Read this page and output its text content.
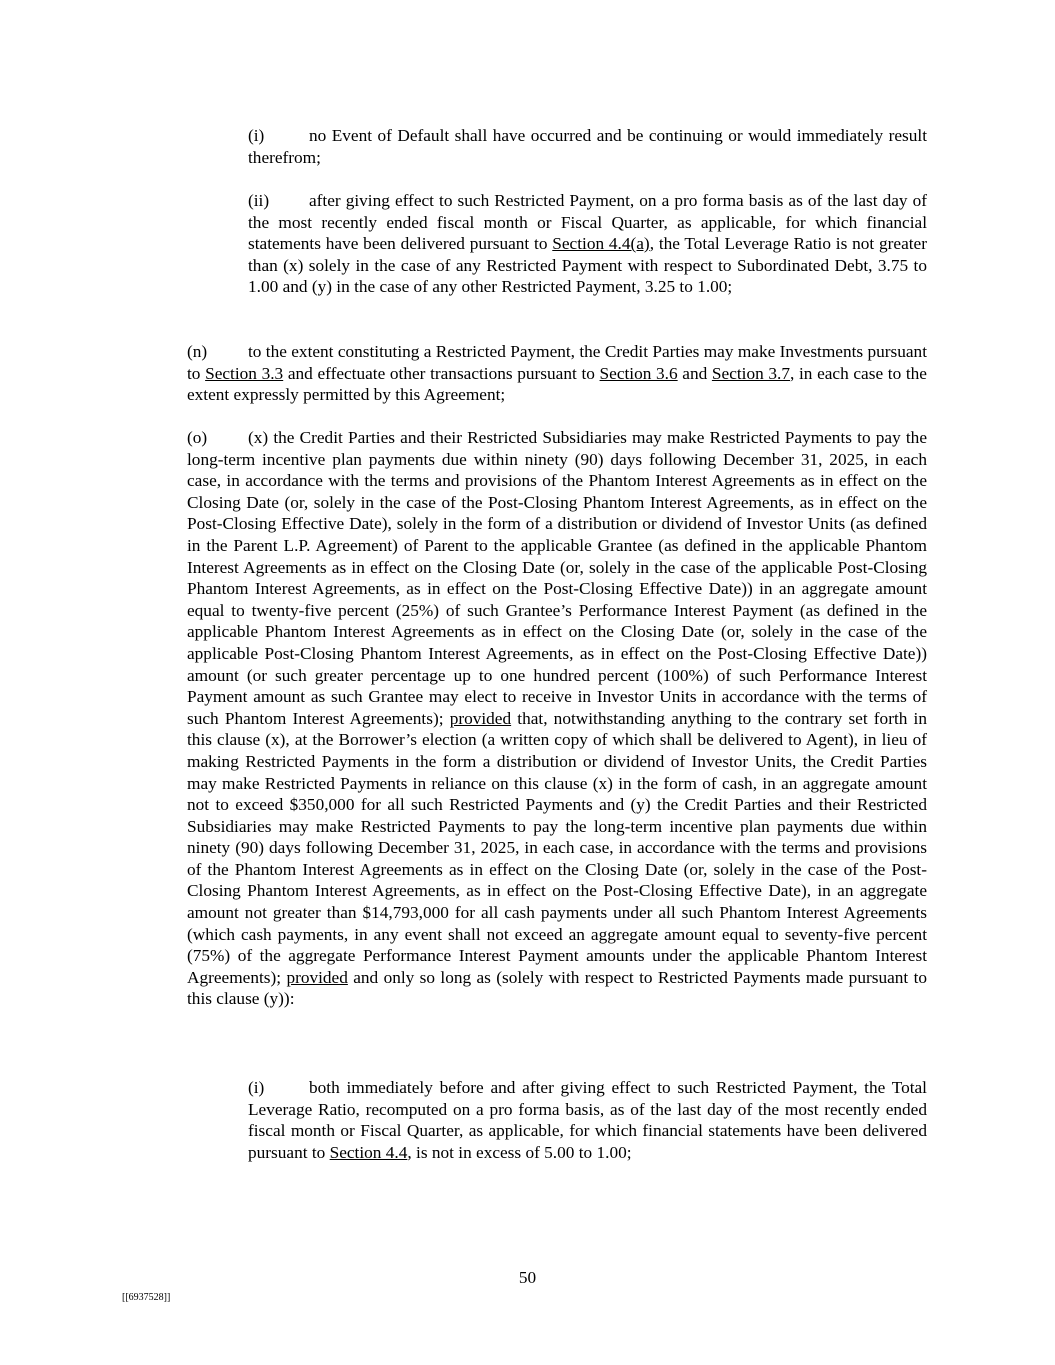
(i)	no Event of Default shall have occurred and be continuing or would immediately result therefrom;

(ii) after giving effect to such Restricted Payment, on a pro forma basis as of the last day of the most recently ended fiscal month or Fiscal Quarter, as applicable, for which financial statements have been delivered pursuant to Section 4.4(a), the Total Leverage Ratio is not greater than (x) solely in the case of any Restricted Payment with respect to Subordinated Debt, 3.75 to 1.00 and (y) in the case of any other Restricted Payment, 3.25 to 1.00;

(n) to the extent constituting a Restricted Payment, the Credit Parties may make Investments pursuant to Section 3.3 and effectuate other transactions pursuant to Section 3.6 and Section 3.7, in each case to the extent expressly permitted by this Agreement;

(o) (x) the Credit Parties and their Restricted Subsidiaries may make Restricted Payments to pay the long-term incentive plan payments due within ninety (90) days following December 31, 2025, in each case, in accordance with the terms and provisions of the Phantom Interest Agreements as in effect on the Closing Date (or, solely in the case of the Post-Closing Phantom Interest Agreements, as in effect on the Post-Closing Effective Date), solely in the form of a distribution or dividend of Investor Units (as defined in the Parent L.P. Agreement) of Parent to the applicable Grantee (as defined in the applicable Phantom Interest Agreements as in effect on the Closing Date (or, solely in the case of the applicable Post-Closing Phantom Interest Agreements, as in effect on the Post-Closing Effective Date)) in an aggregate amount equal to twenty-five percent (25%) of such Grantee’s Performance Interest Payment (as defined in the applicable Phantom Interest Agreements as in effect on the Closing Date (or, solely in the case of the applicable Post-Closing Phantom Interest Agreements, as in effect on the Post-Closing Effective Date)) amount (or such greater percentage up to one hundred percent (100%) of such Performance Interest Payment amount as such Grantee may elect to receive in Investor Units in accordance with the terms of such Phantom Interest Agreements); provided that, notwithstanding anything to the contrary set forth in this clause (x), at the Borrower’s election (a written copy of which shall be delivered to Agent), in lieu of making Restricted Payments in the form a distribution or dividend of Investor Units, the Credit Parties may make Restricted Payments in reliance on this clause (x) in the form of cash, in an aggregate amount not to exceed $350,000 for all such Restricted Payments and (y) the Credit Parties and their Restricted Subsidiaries may make Restricted Payments to pay the long-term incentive plan payments due within ninety (90) days following December 31, 2025, in each case, in accordance with the terms and provisions of the Phantom Interest Agreements as in effect on the Closing Date (or, solely in the case of the Post-Closing Phantom Interest Agreements, as in effect on the Post-Closing Effective Date), in an aggregate amount not greater than $14,793,000 for all cash payments under all such Phantom Interest Agreements (which cash payments, in any event shall not exceed an aggregate amount equal to seventy-five percent (75%) of the aggregate Performance Interest Payment amounts under the applicable Phantom Interest Agreements); provided and only so long as (solely with respect to Restricted Payments made pursuant to this clause (y)):

(i)	both immediately before and after giving effect to such Restricted Payment, the Total Leverage Ratio, recomputed on a pro forma basis, as of the last day of the most recently ended fiscal month or Fiscal Quarter, as applicable, for which financial statements have been delivered pursuant to Section 4.4, is not in excess of 5.00 to 1.00;

50
[[6937528]]
